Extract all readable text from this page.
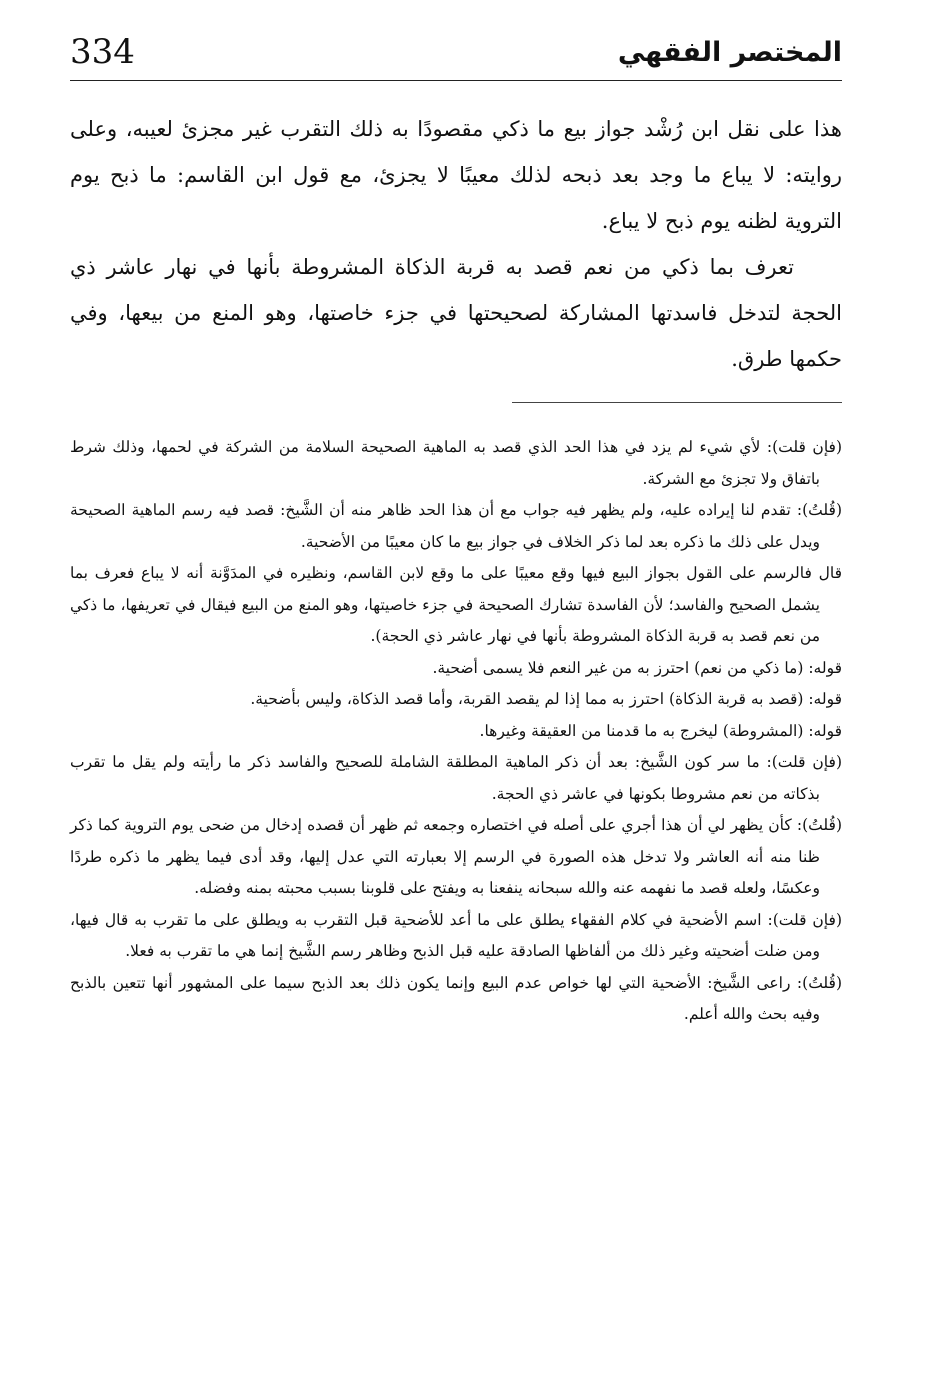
334	المختصر الفقهي

هذا على نقل ابن رُشْد جواز بيع ما ذكي مقصودًا به ذلك التقرب غير مجزئ لعيبه، وعلى روايته: لا يباع ما وجد بعد ذبحه لذلك معيبًا لا يجزئ، مع قول ابن القاسم: ما ذبح يوم التروية لظنه يوم ذبح لا يباع.

تعرف بما ذكي من نعم قصد به قربة الذكاة المشروطة بأنها في نهار عاشر ذي الحجة لتدخل فاسدتها المشاركة لصحيحتها في جزء خاصتها، وهو المنع من بيعها، وفي حكمها طرق.

(فإن قلت): لأي شيء لم يزد في هذا الحد الذي قصد به الماهية الصحيحة السلامة من الشركة في لحمها، وذلك شرط باتفاق ولا تجزئ مع الشركة.

(قُلتُ): تقدم لنا إيراده عليه، ولم يظهر فيه جواب مع أن هذا الحد ظاهر منه أن الشَّيخ: قصد فيه رسم الماهية الصحيحة ويدل على ذلك ما ذكره بعد لما ذكر الخلاف في جواز بيع ما كان معيبًا من الأضحية.

قال فالرسم على القول بجواز البيع فيها وقع معيبًا على ما وقع لابن القاسم، ونظيره في المدَوَّنة أنه لا يباع فعرف بما يشمل الصحيح والفاسد؛ لأن الفاسدة تشارك الصحيحة في جزء خاصيتها، وهو المنع من البيع فيقال في تعريفها، ما ذكي من نعم قصد به قربة الذكاة المشروطة بأنها في نهار عاشر ذي الحجة).

قوله: (ما ذكي من نعم) احترز به من غير النعم فلا يسمى أضحية.

قوله: (قصد به قربة الذكاة) احترز به مما إذا لم يقصد القربة، وأما قصد الذكاة، وليس بأضحية.

قوله: (المشروطة) ليخرج به ما قدمنا من العقيقة وغيرها.

(فإن قلت): ما سر كون الشَّيخ: بعد أن ذكر الماهية المطلقة الشاملة للصحيح والفاسد ذكر ما رأيته ولم يقل ما تقرب بذكاته من نعم مشروطا بكونها في عاشر ذي الحجة.

(قُلتُ): كأن يظهر لي أن هذا أجري على أصله في اختصاره وجمعه ثم ظهر أن قصده إدخال من ضحى يوم التروية كما ذكر ظنا منه أنه العاشر ولا تدخل هذه الصورة في الرسم إلا بعبارته التي عدل إليها، وقد أدى فيما يظهر ما ذكره طردًا وعكسًا، ولعله قصد ما نفهمه عنه والله سبحانه ينفعنا به ويفتح على قلوبنا بسبب محبته بمنه وفضله.

(فإن قلت): اسم الأضحية في كلام الفقهاء يطلق على ما أعد للأضحية قبل التقرب به ويطلق على ما تقرب به قال فيها، ومن ضلت أضحيته وغير ذلك من ألفاظها الصادقة عليه قبل الذبح وظاهر رسم الشَّيخ إنما هي ما تقرب به فعلا.

(قُلتُ): راعى الشَّيخ: الأضحية التي لها خواص عدم البيع وإنما يكون ذلك بعد الذبح سيما على المشهور أنها تتعين بالذبح وفيه بحث والله أعلم.
